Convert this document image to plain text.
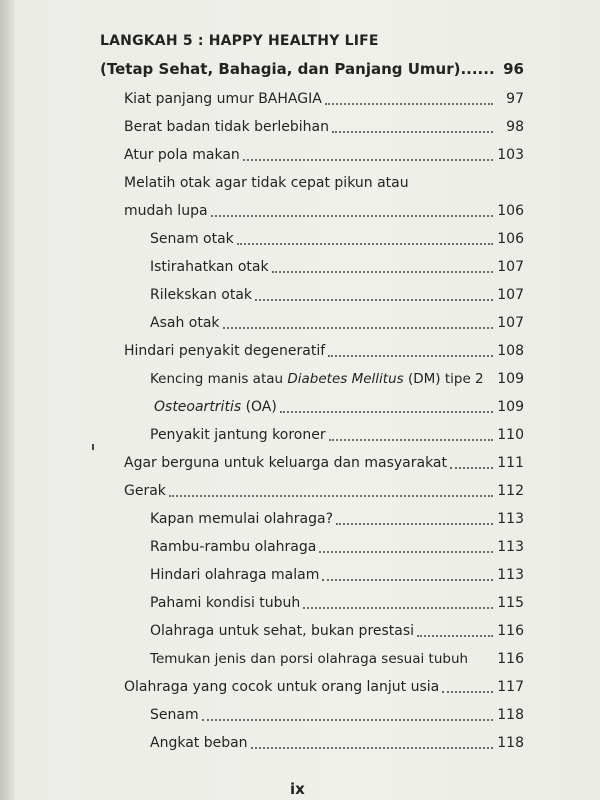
LANGKAH 5 : HAPPY HEALTHY LIFE
(Tetap Sehat, Bahagia, dan Panjang Umur)...... 96
Kiat panjang umur BAHAGIA	97
Berat badan tidak berlebihan	98
Atur pola makan	103
Melatih otak agar tidak cepat pikun atau
mudah lupa	106
Senam otak	106
Istirahatkan otak	107
Rilekskan otak	107
Asah otak	107
Hindari penyakit degeneratif	108
Kencing manis atau Diabetes Mellitus (DM) tipe 2 109
Osteoartritis (OA)	109
Penyakit jantung koroner	110
Agar berguna untuk keluarga dan masyarakat	111
Gerak	112
Kapan memulai olahraga?	113
Rambu-rambu olahraga	113
Hindari olahraga malam	113
Pahami kondisi tubuh	115
Olahraga untuk sehat, bukan prestasi	116
Temukan jenis dan porsi olahraga sesuai tubuh 116
Olahraga yang cocok untuk orang lanjut usia	117
Senam	118
Angkat beban	118
ix
